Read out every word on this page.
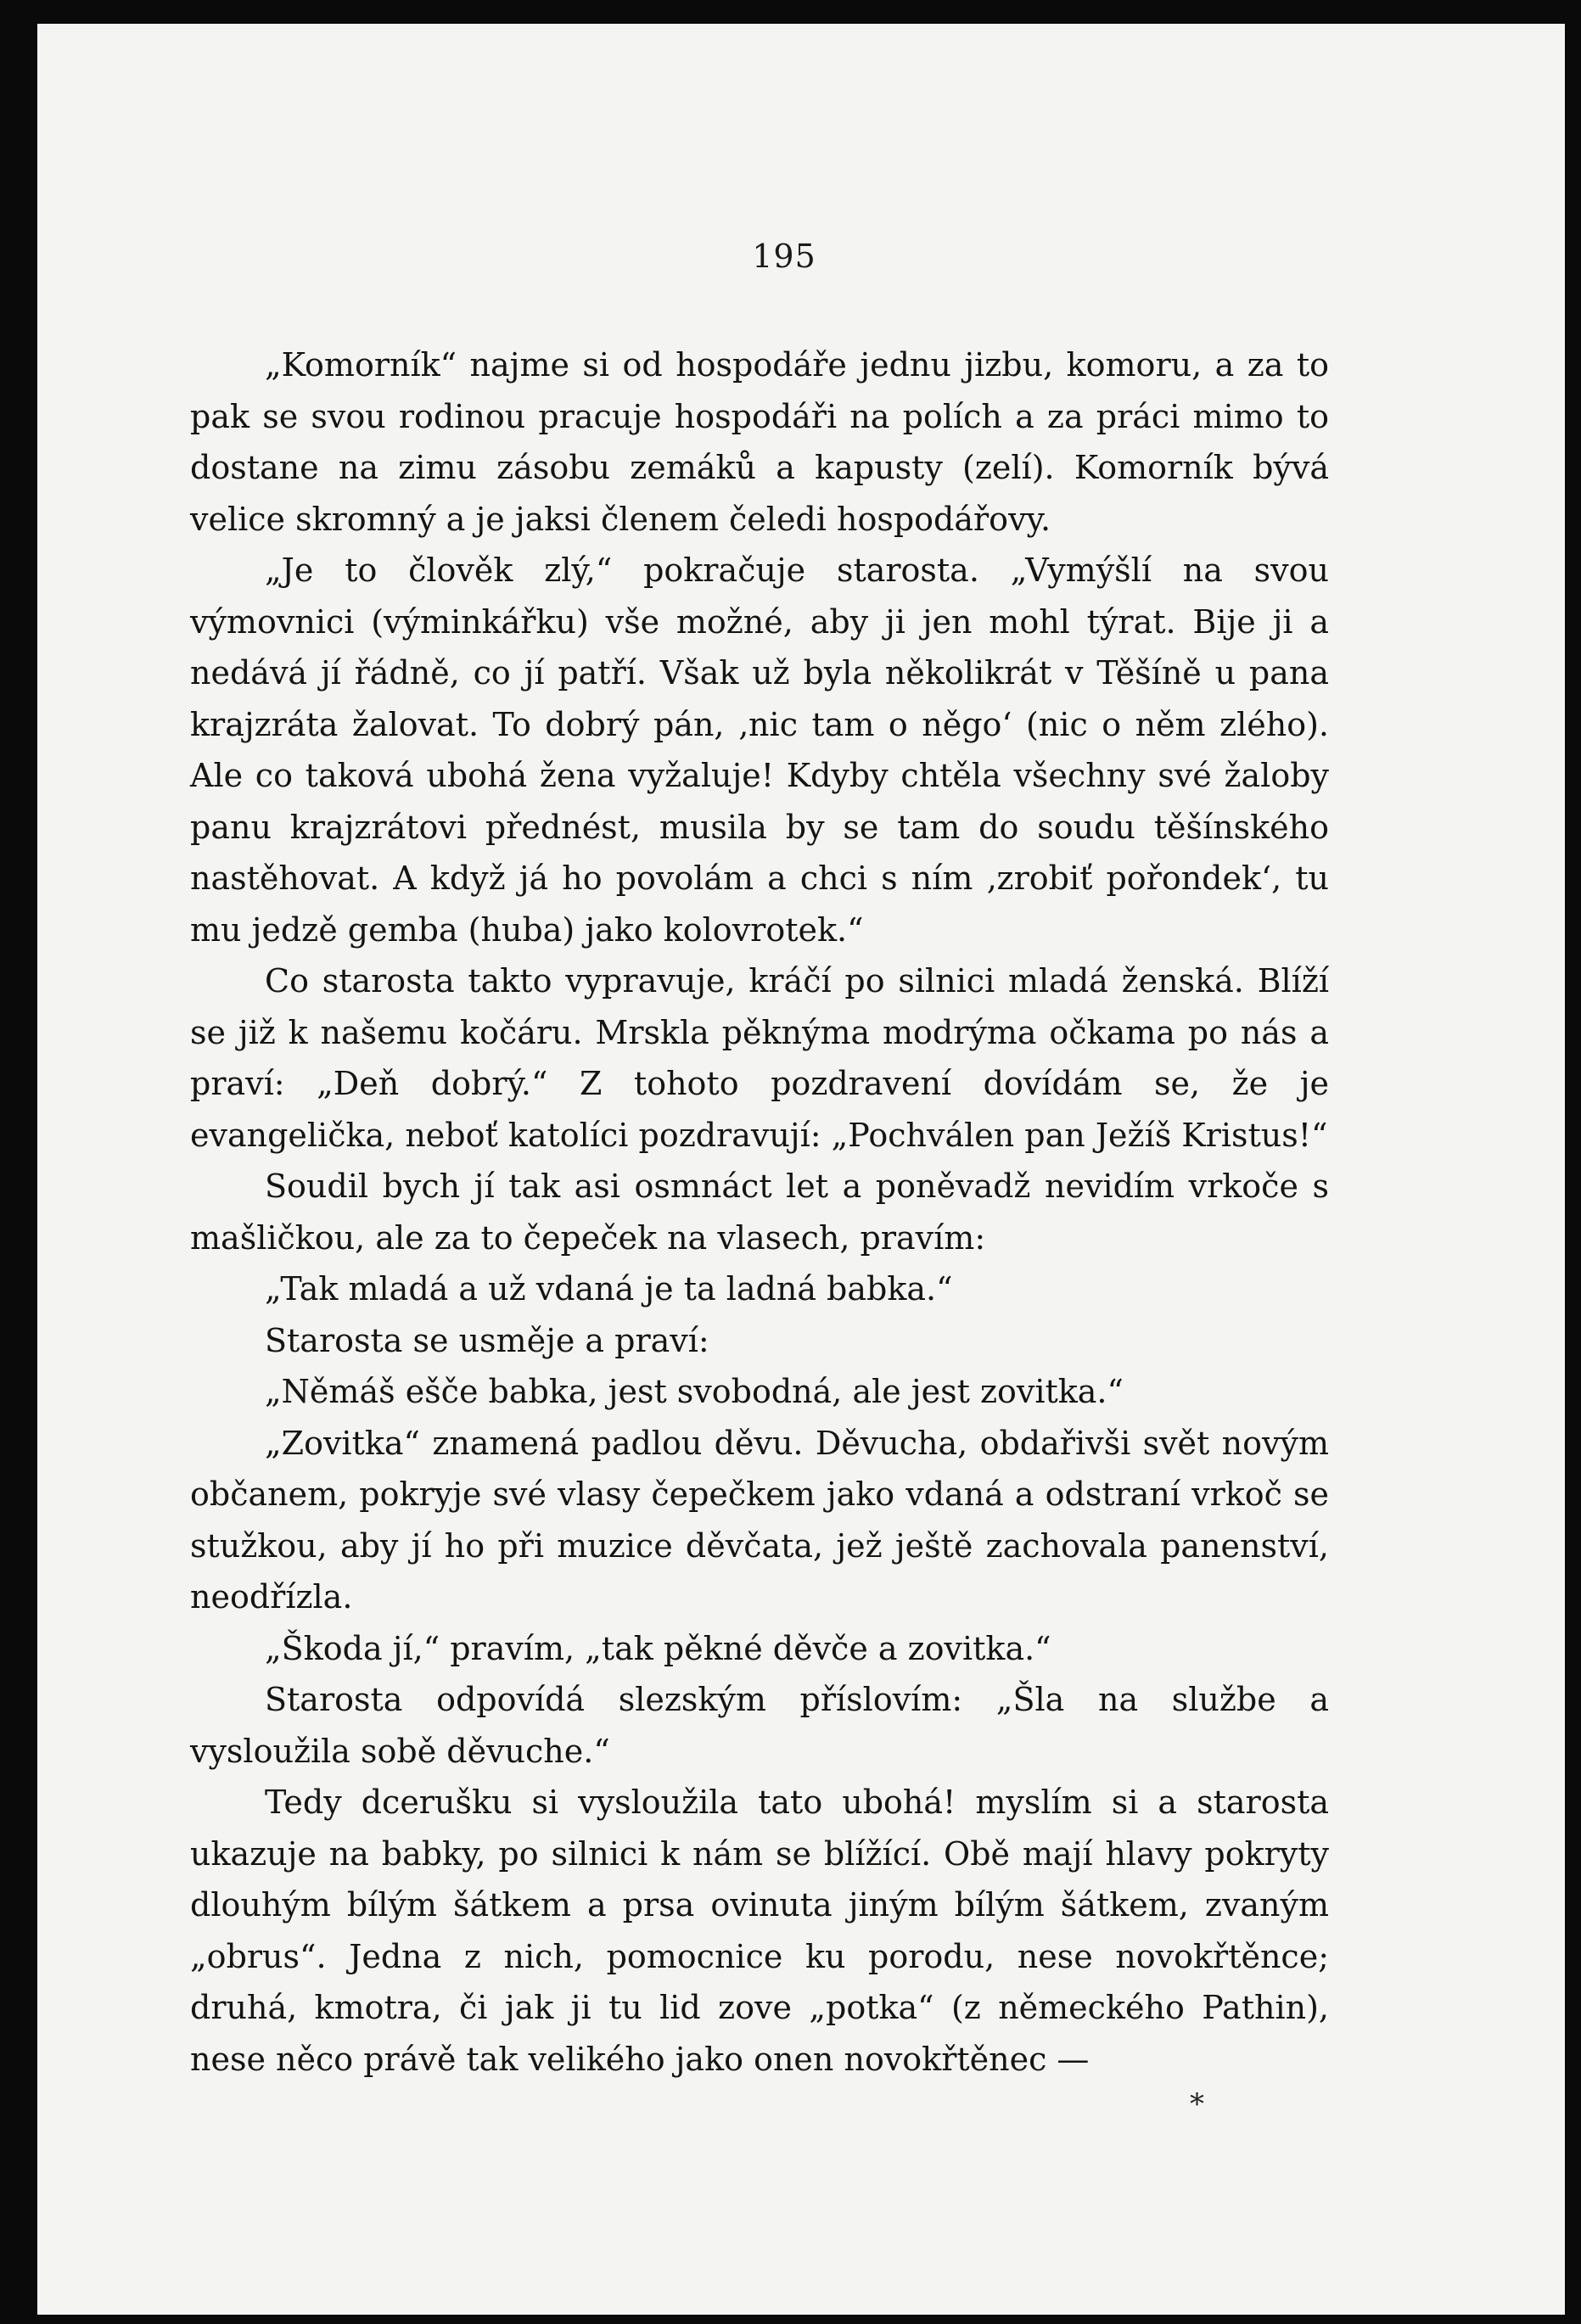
195

„Komorník“ najme si od hospodáře jednu jizbu, komoru, a za to pak se svou rodinou pracuje hospodáři na polích a za práci mimo to dostane na zimu zásobu zemáků a kapusty (zelí). Komorník bývá velice skromný a je jaksi členem čeledi hospodářovy.

„Je to člověk zlý,“ pokračuje starosta. „Vymýšlí na svou výmovnici (výminkářku) vše možné, aby ji jen mohl týrat. Bije ji a nedává jí řádně, co jí patří. Však už byla několikrát v Těšíně u pana krajzráta žalovat. To dobrý pán, ‚nic tam o něgo‘ (nic o něm zlého). Ale co taková ubohá žena vyžaluje! Kdyby chtěla všechny své žaloby panu krajzrátovi přednést, musila by se tam do soudu těšínského nastěhovat. A když já ho povolám a chci s ním ‚zrobiť pořondek‘, tu mu jedzě gemba (huba) jako kolovrotek.“

Co starosta takto vypravuje, kráčí po silnici mladá ženská. Blíží se již k našemu kočáru. Mrskla pěknýma modrýma očkama po nás a praví: „Deň dobrý.“ Z tohoto pozdravení dovídám se, že je evangelička, neboť katolíci pozdravují: „Pochválen pan Ježíš Kristus!“

Soudil bych jí tak asi osmnáct let a poněvadž nevidím vrkoče s mašličkou, ale za to čepeček na vlasech, pravím:

„Tak mladá a už vdaná je ta ladná babka.“

Starosta se usměje a praví:

„Němáš ešče babka, jest svobodná, ale jest zovitka.“

„Zovitka“ znamená padlou děvu. Děvucha, obdařivši svět novým občanem, pokryje své vlasy čepečkem jako vdaná a odstraní vrkoč se stužkou, aby jí ho při muzice děvčata, jež ještě zachovala panenství, neodřízla.

„Škoda jí,“ pravím, „tak pěkné děvče a zovitka.“

Starosta odpovídá slezským příslovím: „Šla na službe a vysloužila sobě děvuche.“

Tedy dcerušku si vysloužila tato ubohá! myslím si a starosta ukazuje na babky, po silnici k nám se blížící. Obě mají hlavy pokryty dlouhým bílým šátkem a prsa ovinuta jiným bílým šátkem, zvaným „obrus“. Jedna z nich, pomocnice ku porodu, nese novokřtěnce; druhá, kmotra, či jak ji tu lid zove „potka“ (z německého Pathin), nese něco právě tak velikého jako onen novokřtěnec —

*
